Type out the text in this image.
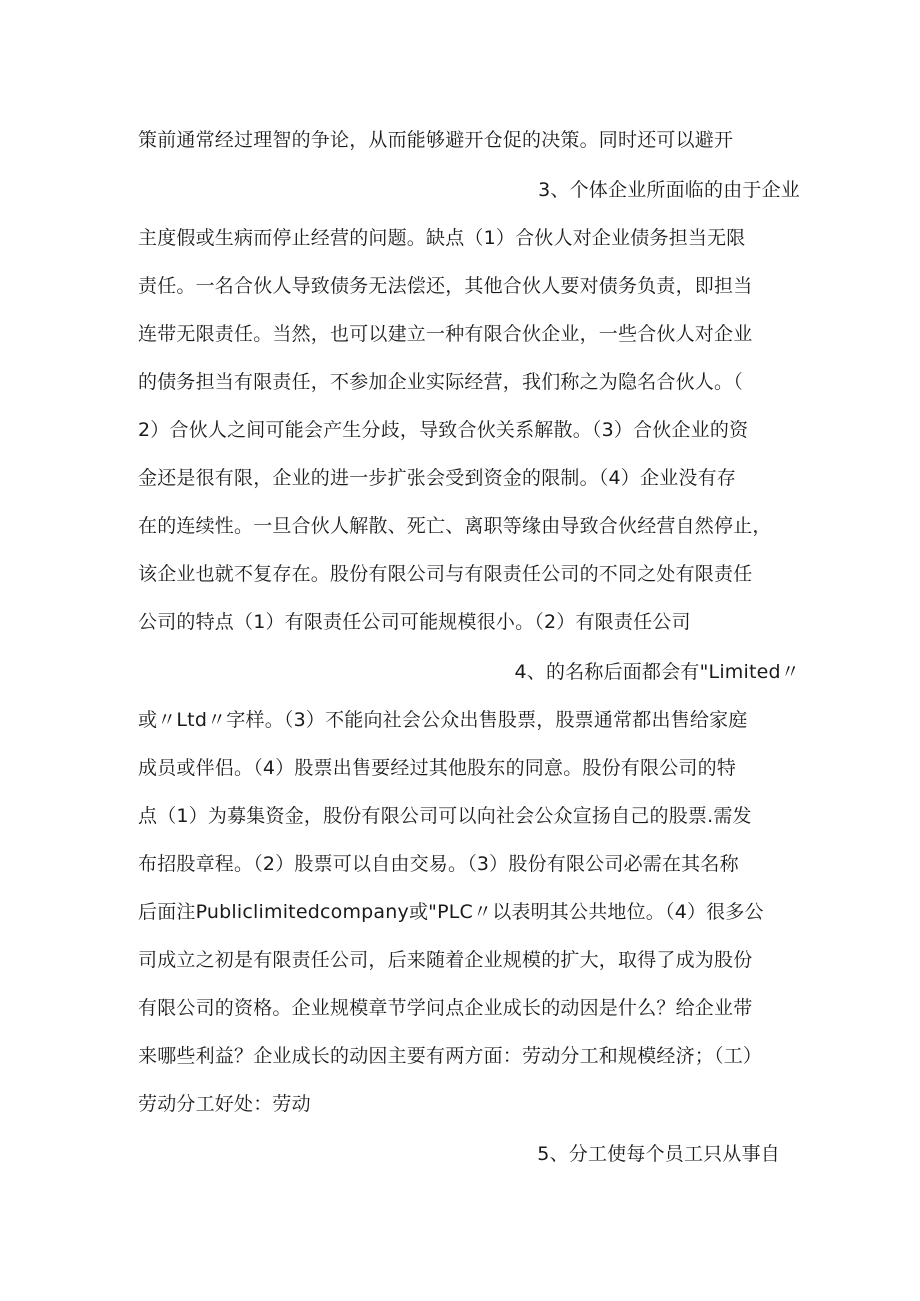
策前通常经过理智的争论，从而能够避开仓促的决策。同时还可以避开
3、个体企业所面临的由于企业
主度假或生病而停止经营的问题。缺点（1）合伙人对企业债务担当无限
责任。一名合伙人导致债务无法偿还，其他合伙人要对债务负责，即担当
连带无限责任。当然，也可以建立一种有限合伙企业，一些合伙人对企业
的债务担当有限责任，不参加企业实际经营，我们称之为隐名合伙人。（
2）合伙人之间可能会产生分歧，导致合伙关系解散。（3）合伙企业的资
金还是很有限，企业的进一步扩张会受到资金的限制。（4）企业没有存
在的连续性。一旦合伙人解散、死亡、离职等缘由导致合伙经营自然停止，
该企业也就不复存在。股份有限公司与有限责任公司的不同之处有限责任
公司的特点（1）有限责任公司可能规模很小。（2）有限责任公司
4、的名称后面都会有"Limited〃
或〃Ltd〃字样。（3）不能向社会公众出售股票，股票通常都出售给家庭
成员或伴侣。（4）股票出售要经过其他股东的同意。股份有限公司的特
点（1）为募集资金，股份有限公司可以向社会公众宣扬自己的股票.需发
布招股章程。（2）股票可以自由交易。（3）股份有限公司必需在其名称
后面注Publiclimitedcompany或"PLC〃以表明其公共地位。（4）很多公
司成立之初是有限责任公司，后来随着企业规模的扩大，取得了成为股份
有限公司的资格。企业规模章节学问点企业成长的动因是什么？给企业带
来哪些利益？企业成长的动因主要有两方面：劳动分工和规模经济；（工）
劳动分工好处：劳动
5、分工使每个员工只从事自
